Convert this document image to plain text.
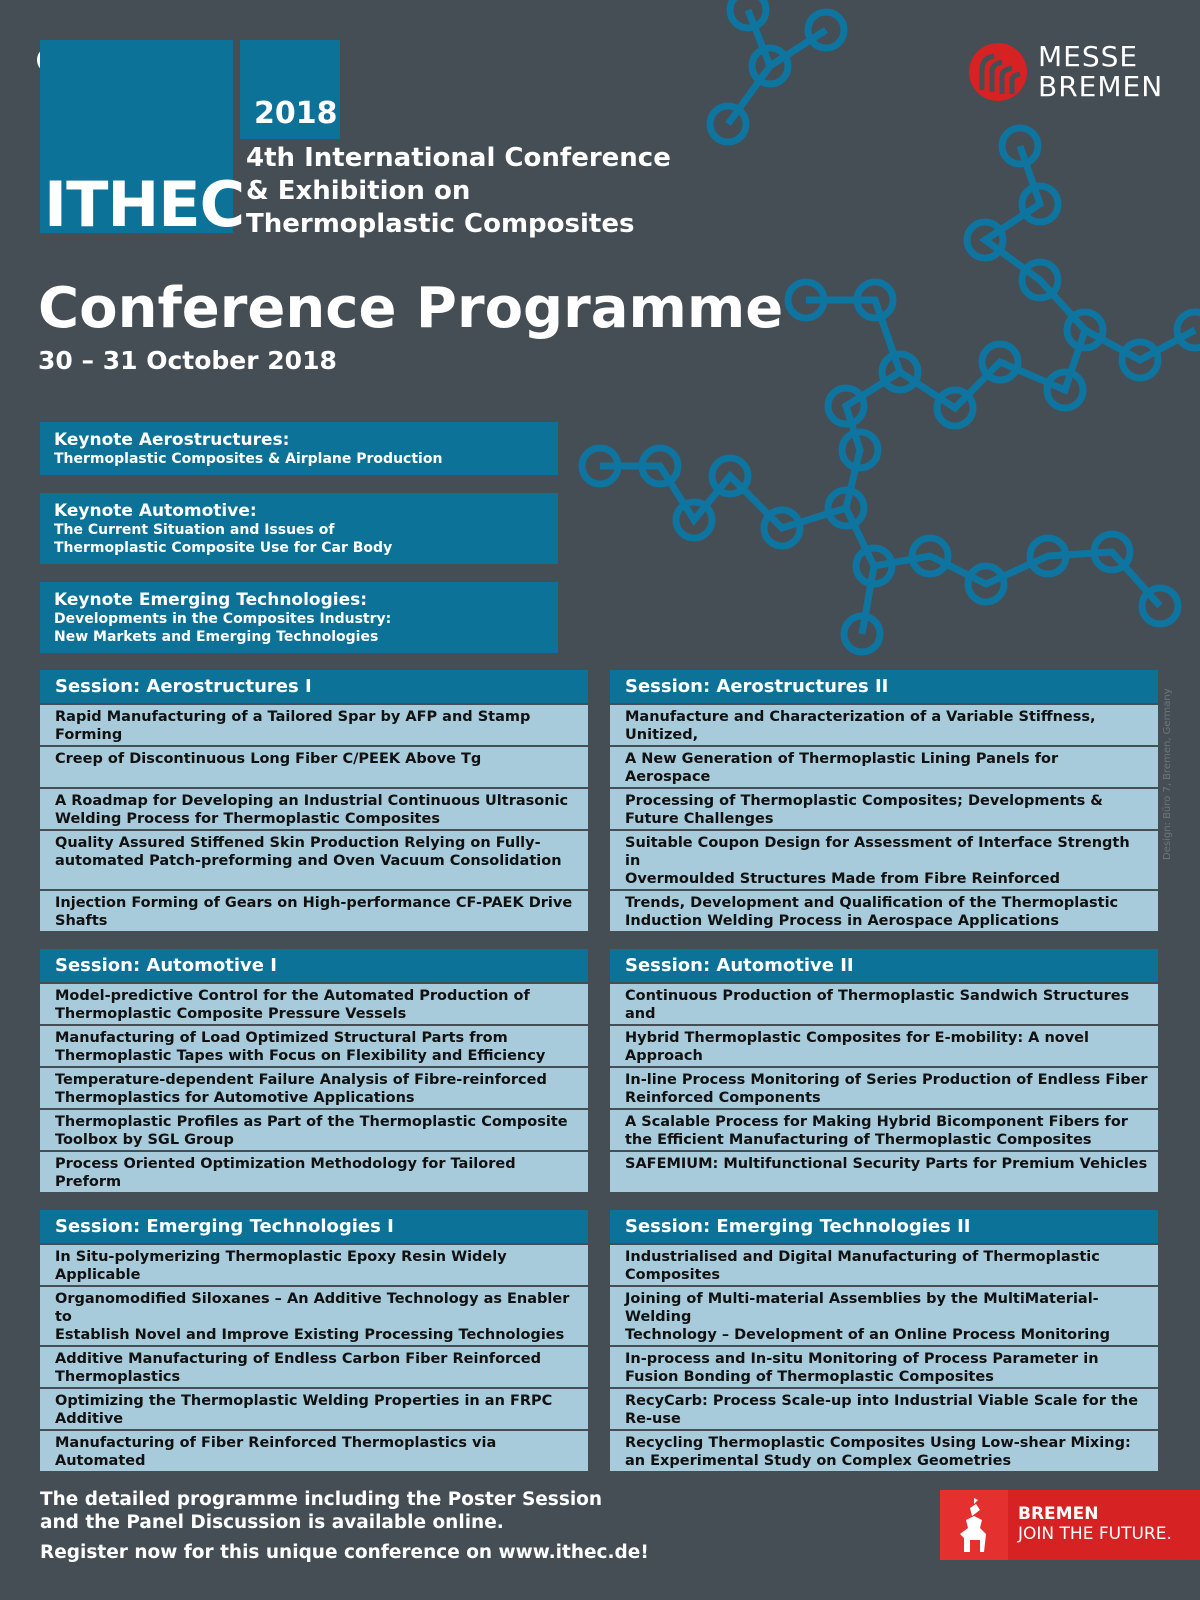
ITHEC
2018
4th International Conference
& Exhibition on
Thermoplastic Composites
MESSE
BREMEN
Conference Programme
30 – 31 October 2018
Keynote Aerostructures:
Thermoplastic Composites & Airplane Production
Keynote Automotive:
The Current Situation and Issues of
Thermoplastic Composite Use for Car Body
Keynote Emerging Technologies:
Developments in the Composites Industry:
New Markets and Emerging Technologies
Session: Aerostructures I
Rapid Manufacturing of a Tailored Spar by AFP and Stamp Forming
Creep of Discontinuous Long Fiber C/PEEK Above Tg
A Roadmap for Developing an Industrial Continuous Ultrasonic
Welding Process for Thermoplastic Composites
Quality Assured Stiffened Skin Production Relying on Fully-
automated Patch-preforming and Oven Vacuum Consolidation
Injection Forming of Gears on High-performance CF-PAEK Drive Shafts
Session: Aerostructures II
Manufacture and Characterization of a Variable Stiffness, Unitized,
A New Generation of Thermoplastic Lining Panels for Aerospace
Processing of Thermoplastic Composites; Developments &
Future Challenges
Suitable Coupon Design for Assessment of Interface Strength in
Overmoulded Structures Made from Fibre Reinforced
Trends, Development and Qualification of the Thermoplastic
Induction Welding Process in Aerospace Applications
Session: Automotive I
Model-predictive Control for the Automated Production of
Thermoplastic Composite Pressure Vessels
Manufacturing of Load Optimized Structural Parts from
Thermoplastic Tapes with Focus on Flexibility and Efficiency
Temperature-dependent Failure Analysis of Fibre-reinforced
Thermoplastics for Automotive Applications
Thermoplastic Profiles as Part of the Thermoplastic Composite
Toolbox by SGL Group
Process Oriented Optimization Methodology for Tailored Preform
Session: Automotive II
Continuous Production of Thermoplastic Sandwich Structures and
Hybrid Thermoplastic Composites for E-mobility: A novel Approach
In-line Process Monitoring of Series Production of Endless Fiber
Reinforced Components
A Scalable Process for Making Hybrid Bicomponent Fibers for
the Efficient Manufacturing of Thermoplastic Composites
SAFEMIUM: Multifunctional Security Parts for Premium Vehicles
Session: Emerging Technologies I
In Situ-polymerizing Thermoplastic Epoxy Resin Widely Applicable
Organomodified Siloxanes – An Additive Technology as Enabler to
Establish Novel and Improve Existing Processing Technologies
Additive Manufacturing of Endless Carbon Fiber Reinforced
Thermoplastics
Optimizing the Thermoplastic Welding Properties in an FRPC Additive
Manufacturing of Fiber Reinforced Thermoplastics via Automated
Session: Emerging Technologies II
Industrialised and Digital Manufacturing of Thermoplastic
Composites
Joining of Multi-material Assemblies by the MultiMaterial-Welding
Technology – Development of an Online Process Monitoring
In-process and In-situ Monitoring of Process Parameter in
Fusion Bonding of Thermoplastic Composites
RecyCarb: Process Scale-up into Industrial Viable Scale for the Re-use
Recycling Thermoplastic Composites Using Low-shear Mixing:
an Experimental Study on Complex Geometries
The detailed programme including the Poster Session
and the Panel Discussion is available online.
Register now for this unique conference on www.ithec.de!
Design: Büro 7, Bremen, Germany
BREMEN
JOIN THE FUTURE.
